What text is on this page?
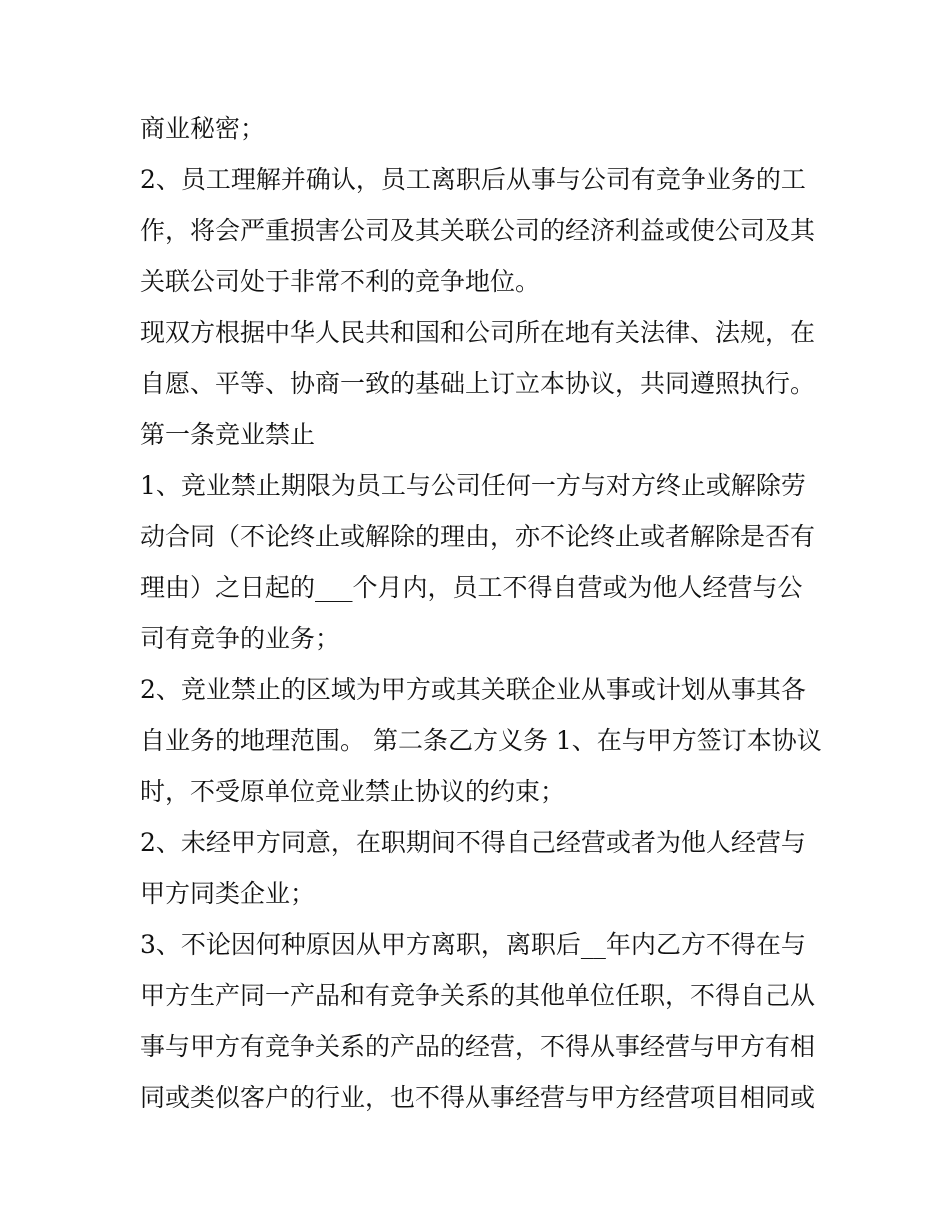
商业秘密；
2、员工理解并确认，员工离职后从事与公司有竞争业务的工
作，将会严重损害公司及其关联公司的经济利益或使公司及其
关联公司处于非常不利的竞争地位。
现双方根据中华人民共和国和公司所在地有关法律、法规，在
自愿、平等、协商一致的基础上订立本协议，共同遵照执行。
第一条竞业禁止
1、竞业禁止期限为员工与公司任何一方与对方终止或解除劳
动合同（不论终止或解除的理由，亦不论终止或者解除是否有
理由）之日起的___个月内，员工不得自营或为他人经营与公
司有竞争的业务；
2、竞业禁止的区域为甲方或其关联企业从事或计划从事其各
自业务的地理范围。 第二条乙方义务 1、在与甲方签订本协议
时，不受原单位竞业禁止协议的约束；
2、未经甲方同意，在职期间不得自己经营或者为他人经营与
甲方同类企业；
3、不论因何种原因从甲方离职，离职后__年内乙方不得在与
甲方生产同一产品和有竞争关系的其他单位任职，不得自己从
事与甲方有竞争关系的产品的经营，不得从事经营与甲方有相
同或类似客户的行业，也不得从事经营与甲方经营项目相同或
